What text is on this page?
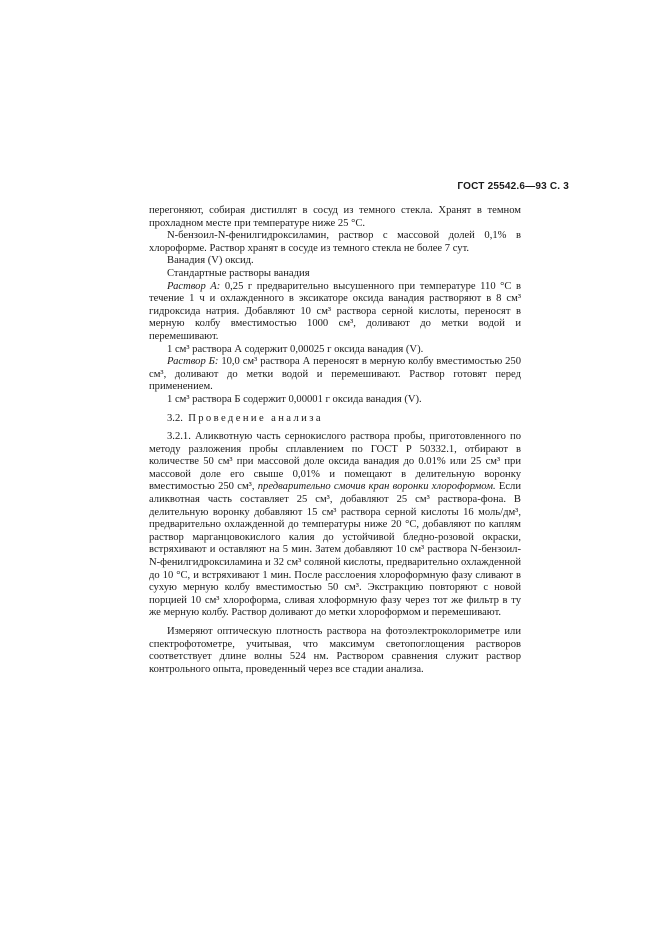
ГОСТ 25542.6—93 С. 3

перегоняют, собирая дистиллят в сосуд из темного стекла. Хранят в темном прохладном месте при температуре ниже 25 °С.

N-бензоил-N-фенилгидроксиламин, раствор с массовой долей 0,1% в хлороформе. Раствор хранят в сосуде из темного стекла не более 7 сут.

Ванадия (V) оксид.

Стандартные растворы ванадия

Раствор А: 0,25 г предварительно высушенного при температуре 110 °С в течение 1 ч и охлажденного в эксикаторе оксида ванадия растворяют в 8 см³ гидроксида натрия. Добавляют 10 см³ раствора серной кислоты, переносят в мерную колбу вместимостью 1000 см³, доливают до метки водой и перемешивают.

1 см³ раствора А содержит 0,00025 г оксида ванадия (V).

Раствор Б: 10,0 см³ раствора А переносят в мерную колбу вместимостью 250 см³, доливают до метки водой и перемешивают. Раствор готовят перед применением.

1 см³ раствора Б содержит 0,00001 г оксида ванадия (V).

3.2. Проведение анализа

3.2.1. Аликвотную часть сернокислого раствора пробы, приготовленного по методу разложения пробы сплавлением по ГОСТ Р 50332.1, отбирают в количестве 50 см³ при массовой доле оксида ванадия до 0.01% или 25 см³ при массовой доле его свыше 0,01% и помещают в делительную воронку вместимостью 250 см³, предварительно смочив кран воронки хлороформом. Если аликвотная часть составляет 25 см³, добавляют 25 см³ раствора-фона. В делительную воронку добавляют 15 см³ раствора серной кислоты 16 моль/дм³, предварительно охлажденной до температуры ниже 20 °С, добавляют по каплям раствор марганцовокислого калия до устойчивой бледно-розовой окраски, встряхивают и оставляют на 5 мин. Затем добавляют 10 см³ раствора N-бензоил-N-фенилгидроксиламина и 32 см³ соляной кислоты, предварительно охлажденной до 10 °С, и встряхивают 1 мин. После расслоения хлороформную фазу сливают в сухую мерную колбу вместимостью 50 см³. Экстракцию повторяют с новой порцией 10 см³ хлороформа, сливая хлоформную фазу через тот же фильтр в ту же мерную колбу. Раствор доливают до метки хлороформом и перемешивают.

Измеряют оптическую плотность раствора на фотоэлектроколориметре или спектрофотометре, учитывая, что максимум светопоглощения растворов соответствует длине волны 524 нм. Раствором сравнения служит раствор контрольного опыта, проведенный через все стадии анализа.
